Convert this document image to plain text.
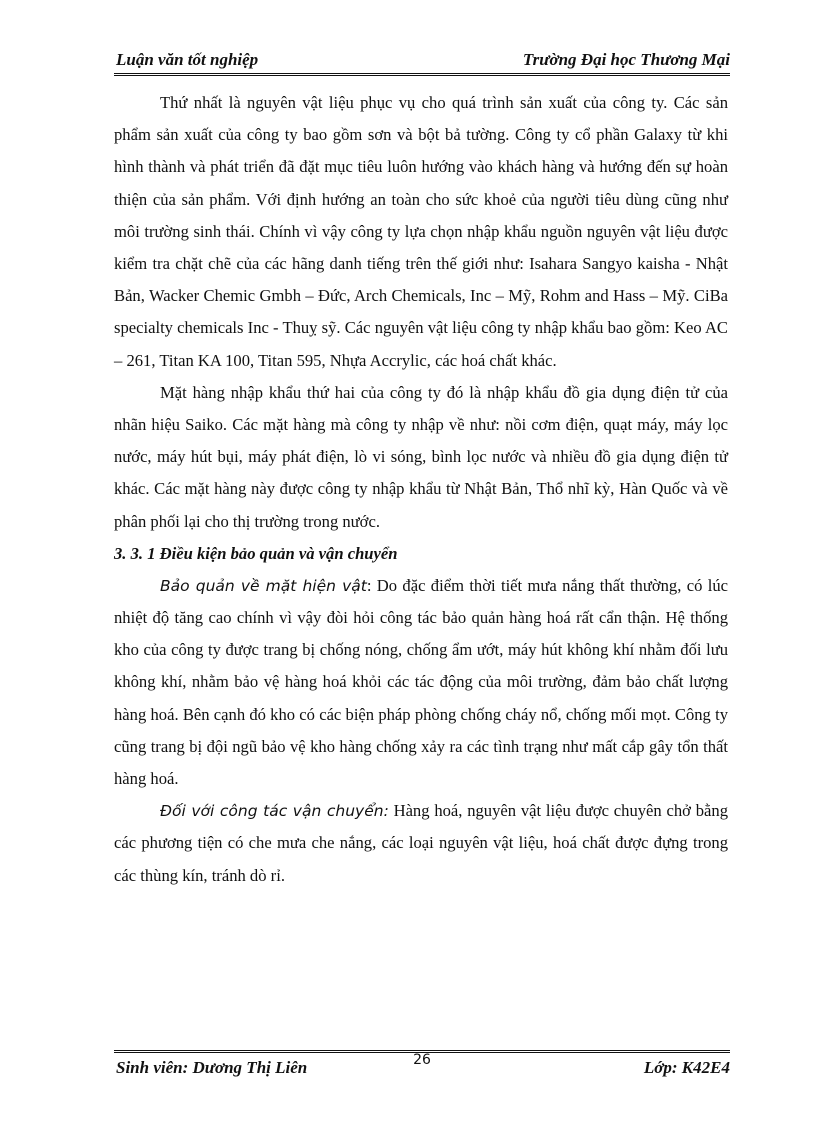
Luận văn tốt nghiệp	Trường Đại học Thương Mại

Thứ nhất là nguyên vật liệu phục vụ cho quá trình sản xuất của công ty. Các sản phẩm sản xuất của công ty bao gồm sơn và bột bả tường. Công ty cổ phần Galaxy từ khi hình thành và phát triển đã đặt mục tiêu luôn hướng vào khách hàng và hướng đến sự hoàn thiện của sản phẩm. Với định hướng an toàn cho sức khoẻ của người tiêu dùng cũng như môi trường sinh thái. Chính vì vậy công ty lựa chọn nhập khẩu nguồn nguyên vật liệu được kiểm tra chặt chẽ của các hãng danh tiếng trên thế giới như: Isahara Sangyo kaisha - Nhật Bản, Wacker Chemic Gmbh – Đức, Arch Chemicals, Inc – Mỹ, Rohm and Hass – Mỹ. CiBa specialty chemicals Inc - Thuỵ sỹ. Các nguyên vật liệu công ty nhập khẩu bao gồm: Keo AC – 261, Titan KA 100, Titan 595, Nhựa Accrylic, các hoá chất khác.

Mặt hàng nhập khẩu thứ hai của công ty đó là nhập khẩu đồ gia dụng điện tử của nhãn hiệu Saiko. Các mặt hàng mà công ty nhập về như: nồi cơm điện, quạt máy, máy lọc nước, máy hút bụi, máy phát điện, lò vi sóng, bình lọc nước và nhiều đồ gia dụng điện tử khác. Các mặt hàng này được công ty nhập khẩu từ Nhật Bản, Thổ nhĩ kỳ, Hàn Quốc và về phân phối lại cho thị trường trong nước.

3. 3. 1 Điều kiện bảo quản và vận chuyển

Bảo quản về mặt hiện vật: Do đặc điểm thời tiết mưa nắng thất thường, có lúc nhiệt độ tăng cao chính vì vậy đòi hỏi công tác bảo quản hàng hoá rất cẩn thận. Hệ thống kho của công ty được trang bị chống nóng, chống ẩm ướt, máy hút không khí nhằm đối lưu không khí, nhằm bảo vệ hàng hoá khỏi các tác động của môi trường, đảm bảo chất lượng hàng hoá. Bên cạnh đó kho có các biện pháp phòng chống cháy nổ, chống mối mọt. Công ty cũng trang bị đội ngũ bảo vệ kho hàng chống xảy ra các tình trạng như mất cắp gây tổn thất hàng hoá.

Đối với công tác vận chuyển: Hàng hoá, nguyên vật liệu được chuyên chở bằng các phương tiện có che mưa che nắng, các loại nguyên vật liệu, hoá chất được đựng trong các thùng kín, tránh dò rỉ.

Sinh viên: Dương Thị Liên	26	Lớp: K42E4
